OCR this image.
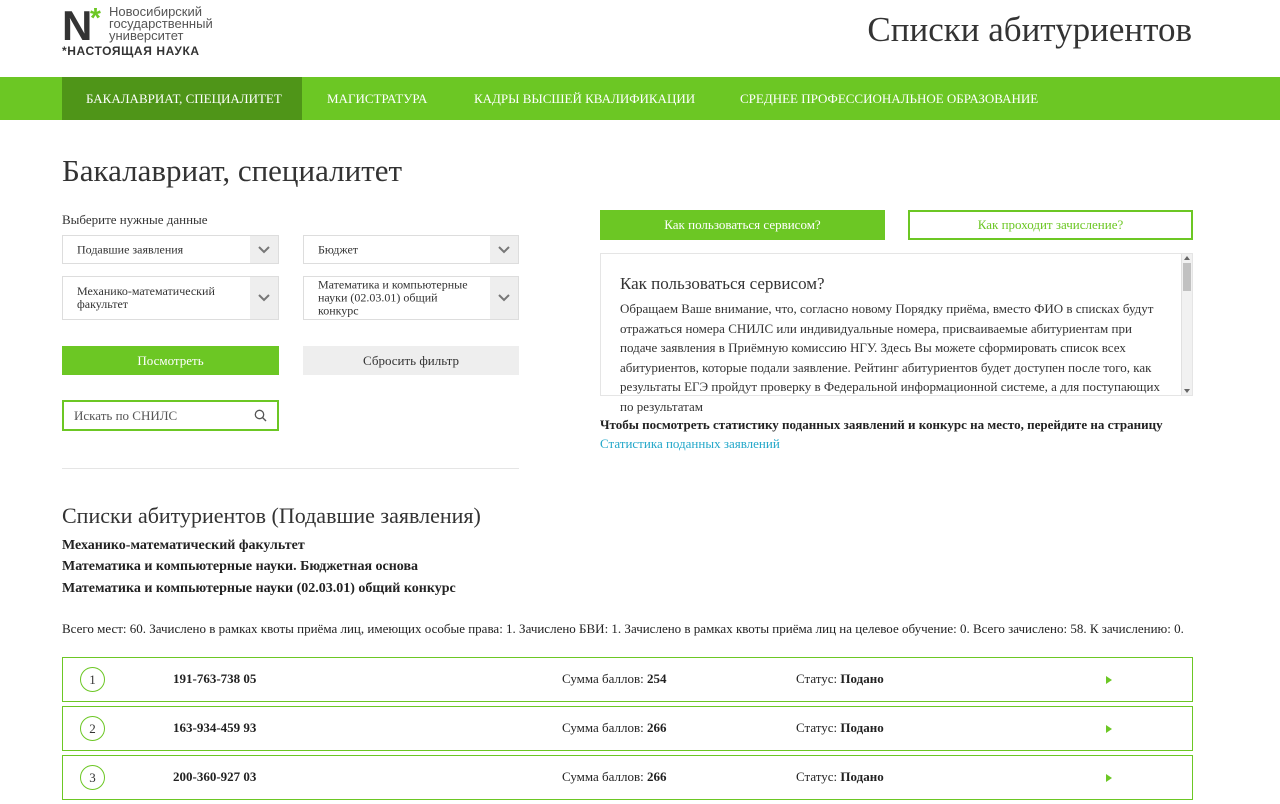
N
* Новосибирский
государственный
университет
*НАСТОЯЩАЯ НАУКА
Списки абитуриентов
БАКАЛАВРИАТ, СПЕЦИАЛИТЕТ	МАГИСТРАТУРА	КАДРЫ ВЫСШЕЙ КВАЛИФИКАЦИИ	СРЕДНЕЕ ПРОФЕССИОНАЛЬНОЕ ОБРАЗОВАНИЕ
Бакалавриат, специалитет
Выберите нужные данные
Подавшие заявления	Бюджет
Механико-математический факультет
Математика и компьютерные науки (02.03.01) общий конкурс
Посмотреть	Сбросить фильтр
Искать по СНИЛС
Как пользоваться сервисом?	Как проходит зачисление?
Как пользоваться сервисом?
Обращаем Ваше внимание, что, согласно новому Порядку приёма, вместо ФИО в списках будут отражаться номера СНИЛС или индивидуальные номера, присваиваемые абитуриентам при подаче заявления в Приёмную комиссию НГУ. Здесь Вы можете сформировать список всех абитуриентов, которые подали заявление. Рейтинг абитуриентов будет доступен после того, как результаты ЕГЭ пройдут проверку в Федеральной информационной системе, а для поступающих по результатам
Чтобы посмотреть статистику поданных заявлений и конкурс на место, перейдите на страницу
Статистика поданных заявлений
Списки абитуриентов (Подавшие заявления)
Механико-математический факультет
Математика и компьютерные науки. Бюджетная основа
Математика и компьютерные науки (02.03.01) общий конкурс
Всего мест: 60. Зачислено в рамках квоты приёма лиц, имеющих особые права: 1. Зачислено БВИ: 1. Зачислено в рамках квоты приёма лиц на целевое обучение: 0. Всего зачислено: 58. К зачислению: 0.
1	191-763-738 05	Сумма баллов: 254	Статус: Подано
2	163-934-459 93	Сумма баллов: 266	Статус: Подано
3	200-360-927 03	Сумма баллов: 266	Статус: Подано
